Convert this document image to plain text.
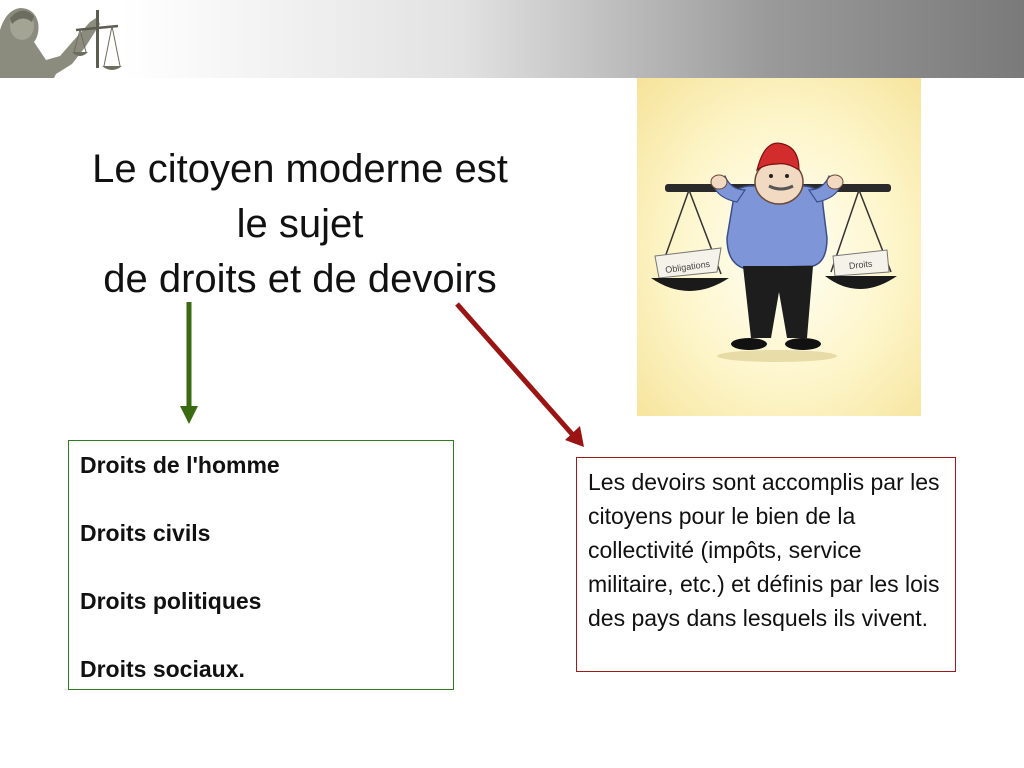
Le citoyen moderne est
le sujet
de droits et de devoirs	Obligations	Droits
Droits de l'homme
Droits civils
Droits politiques
Droits sociaux.
Les devoirs sont accomplis par les citoyens pour le bien de la collectivité (impôts, service militaire, etc.) et définis par les lois des pays dans lesquels ils vivent.
